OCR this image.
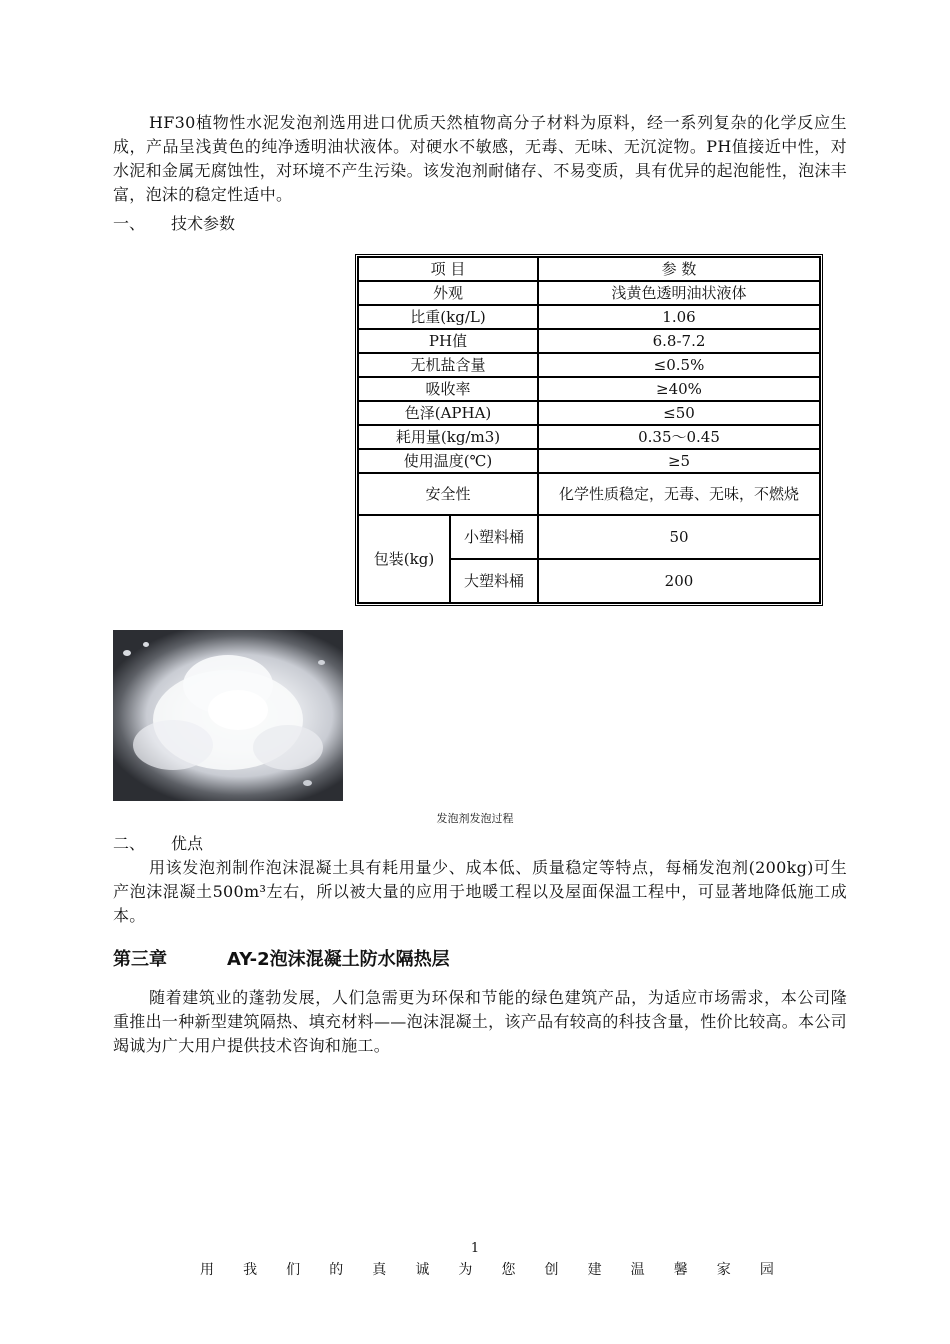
HF30植物性水泥发泡剂选用进口优质天然植物高分子材料为原料，经一系列复杂的化学反应生成，产品呈浅黄色的纯净透明油状液体。对硬水不敏感，无毒、无味、无沉淀物。PH值接近中性，对水泥和金属无腐蚀性，对环境不产生污染。该发泡剂耐储存、不易变质，具有优异的起泡能性，泡沫丰富，泡沫的稳定性适中。

一、 技术参数
项 目		参 数
外观		浅黄色透明油状液体
比重(kg/L)		1.06
PH值		6.8-7.2
无机盐含量		≤0.5%
吸收率		≥40%
色泽(APHA)		≤50
耗用量(kg/m3)		0.35～0.45
使用温度(℃)		≥5
安全性		化学性质稳定，无毒、无味，不燃烧
包装(kg)	小塑料桶	50
	大塑料桶	200
发泡剂发泡过程
二、 优点

用该发泡剂制作泡沫混凝土具有耗用量少、成本低、质量稳定等特点，每桶发泡剂(200kg)可生产泡沫混凝土500m³左右，所以被大量的应用于地暖工程以及屋面保温工程中，可显著地降低施工成本。

第三章	AY-2泡沫混凝土防水隔热层

随着建筑业的蓬勃发展，人们急需更为环保和节能的绿色建筑产品，为适应市场需求，本公司隆重推出一种新型建筑隔热、填充材料——泡沫混凝土，该产品有较高的科技含量，性价比较高。本公司竭诚为广大用户提供技术咨询和施工。

1
用 我 们 的 真 诚 为 您 创 建 温 馨 家 园
